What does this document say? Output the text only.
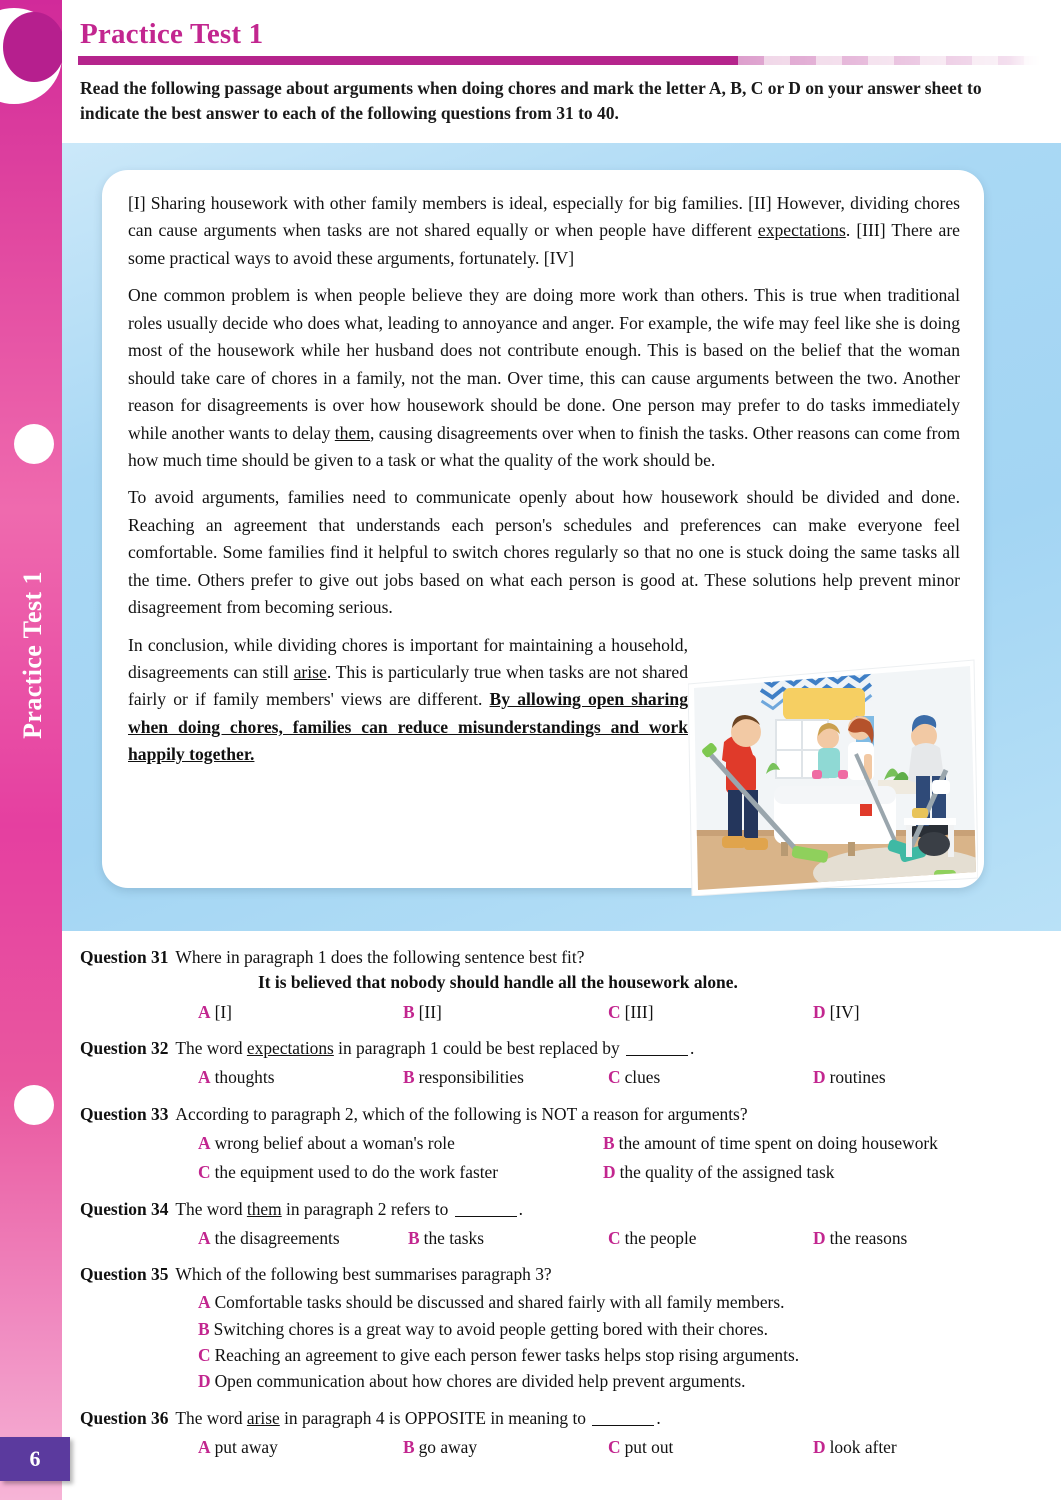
Practice Test 1
6
Practice Test 1
Read the following passage about arguments when doing chores and mark the letter A, B, C or D on your answer sheet to indicate the best answer to each of the following questions from 31 to 40.

[I] Sharing housework with other family members is ideal, especially for big families. [II] However, dividing chores can cause arguments when tasks are not shared equally or when people have different expectations. [III] There are some practical ways to avoid these arguments, fortunately. [IV]

One common problem is when people believe they are doing more work than others. This is true when traditional roles usually decide who does what, leading to annoyance and anger. For example, the wife may feel like she is doing most of the housework while her husband does not contribute enough. This is based on the belief that the woman should take care of chores in a family, not the man. Over time, this can cause arguments between the two. Another reason for disagreements is over how housework should be done. One person may prefer to do tasks immediately while another wants to delay them, causing disagreements over when to finish the tasks. Other reasons can come from how much time should be given to a task or what the quality of the work should be.

To avoid arguments, families need to communicate openly about how housework should be divided and done. Reaching an agreement that understands each person's schedules and preferences can make everyone feel comfortable. Some families find it helpful to switch chores regularly so that no one is stuck doing the same tasks all the time. Others prefer to give out jobs based on what each person is good at. These solutions help prevent minor disagreement from becoming serious.

In conclusion, while dividing chores is important for maintaining a household, disagreements can still arise. This is particularly true when tasks are not shared fairly or if family members' views are different. By allowing open sharing when doing chores, families can reduce misunderstandings and work happily together.

Question 31 Where in paragraph 1 does the following sentence best fit?
It is believed that nobody should handle all the housework alone.
A [I]	B [II]	C [III]	D [IV]
Question 32 The word expectations in paragraph 1 could be best replaced by	.
A thoughts	B responsibilities	C clues	D routines
Question 33 According to paragraph 2, which of the following is NOT a reason for arguments?
A wrong belief about a woman's role	B the amount of time spent on doing housework
C the equipment used to do the work faster	D the quality of the assigned task
Question 34 The word them in paragraph 2 refers to	.
A the disagreements	B the tasks	C the people	D the reasons
Question 35 Which of the following best summarises paragraph 3?
A Comfortable tasks should be discussed and shared fairly with all family members.
B Switching chores is a great way to avoid people getting bored with their chores.
C Reaching an agreement to give each person fewer tasks helps stop rising arguments.
D Open communication about how chores are divided help prevent arguments.
Question 36 The word arise in paragraph 4 is OPPOSITE in meaning to	.
A put away	B go away	C put out	D look after
